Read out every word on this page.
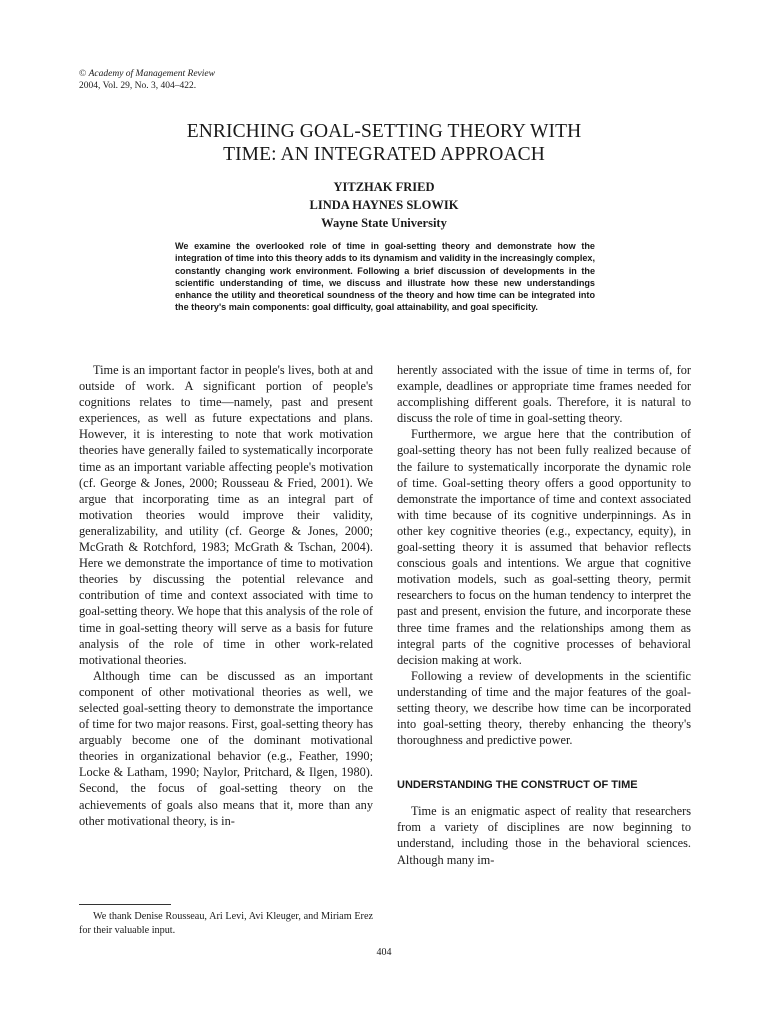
© Academy of Management Review
2004, Vol. 29, No. 3, 404–422.
ENRICHING GOAL-SETTING THEORY WITH
TIME: AN INTEGRATED APPROACH
YITZHAK FRIED
LINDA HAYNES SLOWIK
Wayne State University

We examine the overlooked role of time in goal-setting theory and demonstrate how the integration of time into this theory adds to its dynamism and validity in the increasingly complex, constantly changing work environment. Following a brief discussion of developments in the scientific understanding of time, we discuss and illustrate how these new understandings enhance the utility and theoretical soundness of the theory and how time can be integrated into the theory's main components: goal difficulty, goal attainability, and goal specificity.

Time is an important factor in people's lives, both at and outside of work. A significant portion of people's cognitions relates to time—namely, past and present experiences, as well as future expectations and plans. However, it is interesting to note that work motivation theories have generally failed to systematically incorporate time as an important variable affecting people's motivation (cf. George & Jones, 2000; Rousseau & Fried, 2001). We argue that incorporating time as an integral part of motivation theories would improve their validity, generalizability, and utility (cf. George & Jones, 2000; McGrath & Rotchford, 1983; McGrath & Tschan, 2004). Here we demonstrate the importance of time to motivation theories by discussing the potential relevance and contribution of time and context associated with time to goal-setting theory. We hope that this analysis of the role of time in goal-setting theory will serve as a basis for future analysis of the role of time in other work-related motivational theories.

Although time can be discussed as an important component of other motivational theories as well, we selected goal-setting theory to demonstrate the importance of time for two major reasons. First, goal-setting theory has arguably become one of the dominant motivational theories in organizational behavior (e.g., Feather, 1990; Locke & Latham, 1990; Naylor, Pritchard, & Ilgen, 1980). Second, the focus of goal-setting theory on the achievements of goals also means that it, more than any other motivational theory, is in-

herently associated with the issue of time in terms of, for example, deadlines or appropriate time frames needed for accomplishing different goals. Therefore, it is natural to discuss the role of time in goal-setting theory.

Furthermore, we argue here that the contribution of goal-setting theory has not been fully realized because of the failure to systematically incorporate the dynamic role of time. Goal-setting theory offers a good opportunity to demonstrate the importance of time and context associated with time because of its cognitive underpinnings. As in other key cognitive theories (e.g., expectancy, equity), in goal-setting theory it is assumed that behavior reflects conscious goals and intentions. We argue that cognitive motivation models, such as goal-setting theory, permit researchers to focus on the human tendency to interpret the past and present, envision the future, and incorporate these three time frames and the relationships among them as integral parts of the cognitive processes of behavioral decision making at work.

Following a review of developments in the scientific understanding of time and the major features of the goal-setting theory, we describe how time can be incorporated into goal-setting theory, thereby enhancing the theory's thoroughness and predictive power.

UNDERSTANDING THE CONSTRUCT OF TIME

Time is an enigmatic aspect of reality that researchers from a variety of disciplines are now beginning to understand, including those in the behavioral sciences. Although many im-

We thank Denise Rousseau, Ari Levi, Avi Kleuger, and Miriam Erez for their valuable input.

404
